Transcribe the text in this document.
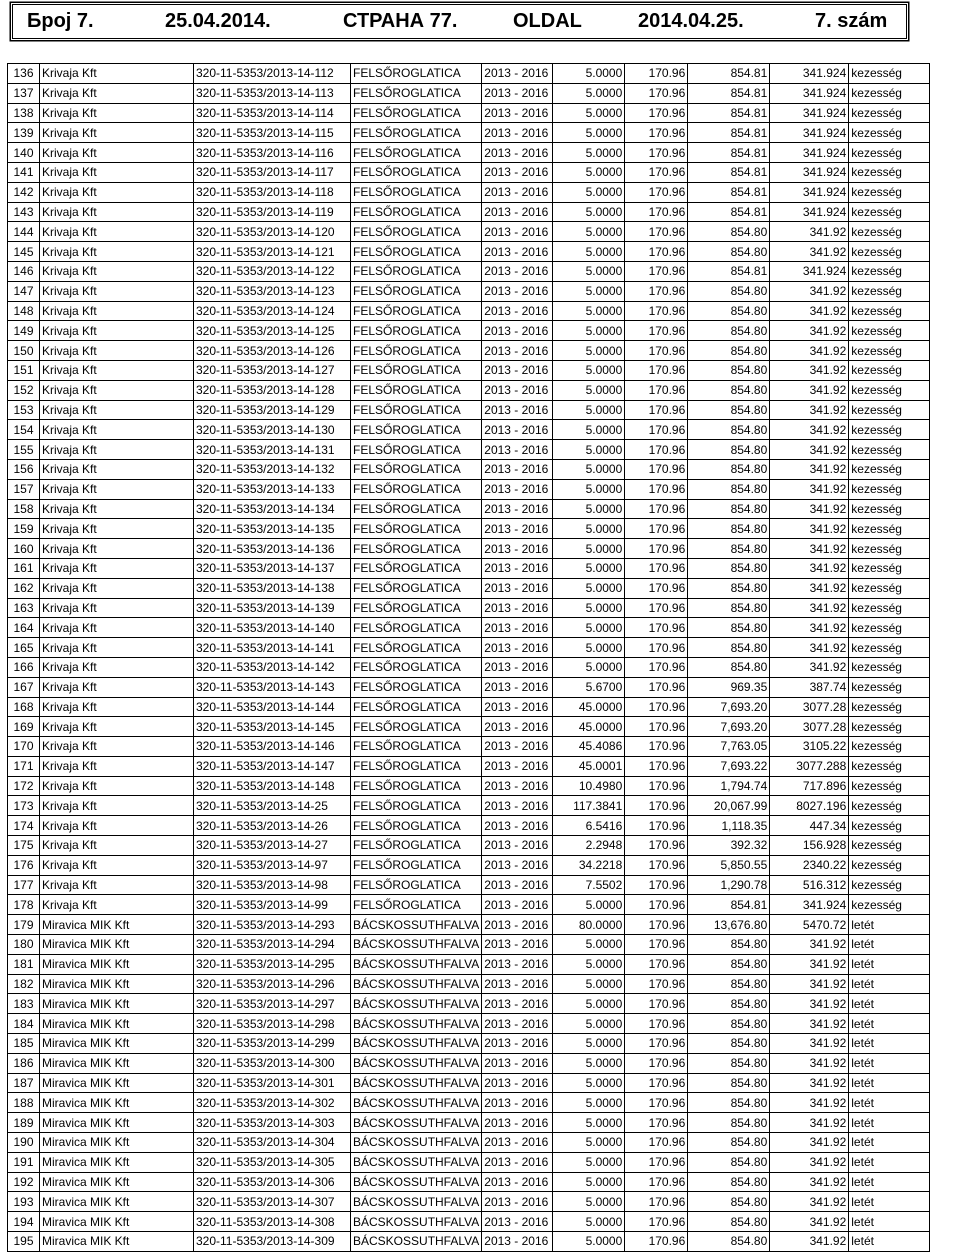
Број 7.	25.04.2014.	СТРАНА 77.	OLDAL	2014.04.25.	7. szám
136	Krivaja Kft	320-11-5353/2013-14-112	FELSŐROGLATICA	2013 - 2016	5.0000	170.96	854.81	341.924	kezesség
137	Krivaja Kft	320-11-5353/2013-14-113	FELSŐROGLATICA	2013 - 2016	5.0000	170.96	854.81	341.924	kezesség
138	Krivaja Kft	320-11-5353/2013-14-114	FELSŐROGLATICA	2013 - 2016	5.0000	170.96	854.81	341.924	kezesség
139	Krivaja Kft	320-11-5353/2013-14-115	FELSŐROGLATICA	2013 - 2016	5.0000	170.96	854.81	341.924	kezesség
140	Krivaja Kft	320-11-5353/2013-14-116	FELSŐROGLATICA	2013 - 2016	5.0000	170.96	854.81	341.924	kezesség
141	Krivaja Kft	320-11-5353/2013-14-117	FELSŐROGLATICA	2013 - 2016	5.0000	170.96	854.81	341.924	kezesség
142	Krivaja Kft	320-11-5353/2013-14-118	FELSŐROGLATICA	2013 - 2016	5.0000	170.96	854.81	341.924	kezesség
143	Krivaja Kft	320-11-5353/2013-14-119	FELSŐROGLATICA	2013 - 2016	5.0000	170.96	854.81	341.924	kezesség
144	Krivaja Kft	320-11-5353/2013-14-120	FELSŐROGLATICA	2013 - 2016	5.0000	170.96	854.80	341.92	kezesség
145	Krivaja Kft	320-11-5353/2013-14-121	FELSŐROGLATICA	2013 - 2016	5.0000	170.96	854.80	341.92	kezesség
146	Krivaja Kft	320-11-5353/2013-14-122	FELSŐROGLATICA	2013 - 2016	5.0000	170.96	854.81	341.924	kezesség
147	Krivaja Kft	320-11-5353/2013-14-123	FELSŐROGLATICA	2013 - 2016	5.0000	170.96	854.80	341.92	kezesség
148	Krivaja Kft	320-11-5353/2013-14-124	FELSŐROGLATICA	2013 - 2016	5.0000	170.96	854.80	341.92	kezesség
149	Krivaja Kft	320-11-5353/2013-14-125	FELSŐROGLATICA	2013 - 2016	5.0000	170.96	854.80	341.92	kezesség
150	Krivaja Kft	320-11-5353/2013-14-126	FELSŐROGLATICA	2013 - 2016	5.0000	170.96	854.80	341.92	kezesség
151	Krivaja Kft	320-11-5353/2013-14-127	FELSŐROGLATICA	2013 - 2016	5.0000	170.96	854.80	341.92	kezesség
152	Krivaja Kft	320-11-5353/2013-14-128	FELSŐROGLATICA	2013 - 2016	5.0000	170.96	854.80	341.92	kezesség
153	Krivaja Kft	320-11-5353/2013-14-129	FELSŐROGLATICA	2013 - 2016	5.0000	170.96	854.80	341.92	kezesség
154	Krivaja Kft	320-11-5353/2013-14-130	FELSŐROGLATICA	2013 - 2016	5.0000	170.96	854.80	341.92	kezesség
155	Krivaja Kft	320-11-5353/2013-14-131	FELSŐROGLATICA	2013 - 2016	5.0000	170.96	854.80	341.92	kezesség
156	Krivaja Kft	320-11-5353/2013-14-132	FELSŐROGLATICA	2013 - 2016	5.0000	170.96	854.80	341.92	kezesség
157	Krivaja Kft	320-11-5353/2013-14-133	FELSŐROGLATICA	2013 - 2016	5.0000	170.96	854.80	341.92	kezesség
158	Krivaja Kft	320-11-5353/2013-14-134	FELSŐROGLATICA	2013 - 2016	5.0000	170.96	854.80	341.92	kezesség
159	Krivaja Kft	320-11-5353/2013-14-135	FELSŐROGLATICA	2013 - 2016	5.0000	170.96	854.80	341.92	kezesség
160	Krivaja Kft	320-11-5353/2013-14-136	FELSŐROGLATICA	2013 - 2016	5.0000	170.96	854.80	341.92	kezesség
161	Krivaja Kft	320-11-5353/2013-14-137	FELSŐROGLATICA	2013 - 2016	5.0000	170.96	854.80	341.92	kezesség
162	Krivaja Kft	320-11-5353/2013-14-138	FELSŐROGLATICA	2013 - 2016	5.0000	170.96	854.80	341.92	kezesség
163	Krivaja Kft	320-11-5353/2013-14-139	FELSŐROGLATICA	2013 - 2016	5.0000	170.96	854.80	341.92	kezesség
164	Krivaja Kft	320-11-5353/2013-14-140	FELSŐROGLATICA	2013 - 2016	5.0000	170.96	854.80	341.92	kezesség
165	Krivaja Kft	320-11-5353/2013-14-141	FELSŐROGLATICA	2013 - 2016	5.0000	170.96	854.80	341.92	kezesség
166	Krivaja Kft	320-11-5353/2013-14-142	FELSŐROGLATICA	2013 - 2016	5.0000	170.96	854.80	341.92	kezesség
167	Krivaja Kft	320-11-5353/2013-14-143	FELSŐROGLATICA	2013 - 2016	5.6700	170.96	969.35	387.74	kezesség
168	Krivaja Kft	320-11-5353/2013-14-144	FELSŐROGLATICA	2013 - 2016	45.0000	170.96	7,693.20	3077.28	kezesség
169	Krivaja Kft	320-11-5353/2013-14-145	FELSŐROGLATICA	2013 - 2016	45.0000	170.96	7,693.20	3077.28	kezesség
170	Krivaja Kft	320-11-5353/2013-14-146	FELSŐROGLATICA	2013 - 2016	45.4086	170.96	7,763.05	3105.22	kezesség
171	Krivaja Kft	320-11-5353/2013-14-147	FELSŐROGLATICA	2013 - 2016	45.0001	170.96	7,693.22	3077.288	kezesség
172	Krivaja Kft	320-11-5353/2013-14-148	FELSŐROGLATICA	2013 - 2016	10.4980	170.96	1,794.74	717.896	kezesség
173	Krivaja Kft	320-11-5353/2013-14-25	FELSŐROGLATICA	2013 - 2016	117.3841	170.96	20,067.99	8027.196	kezesség
174	Krivaja Kft	320-11-5353/2013-14-26	FELSŐROGLATICA	2013 - 2016	6.5416	170.96	1,118.35	447.34	kezesség
175	Krivaja Kft	320-11-5353/2013-14-27	FELSŐROGLATICA	2013 - 2016	2.2948	170.96	392.32	156.928	kezesség
176	Krivaja Kft	320-11-5353/2013-14-97	FELSŐROGLATICA	2013 - 2016	34.2218	170.96	5,850.55	2340.22	kezesség
177	Krivaja Kft	320-11-5353/2013-14-98	FELSŐROGLATICA	2013 - 2016	7.5502	170.96	1,290.78	516.312	kezesség
178	Krivaja Kft	320-11-5353/2013-14-99	FELSŐROGLATICA	2013 - 2016	5.0000	170.96	854.81	341.924	kezesség
179	Miravica MIK Kft	320-11-5353/2013-14-293	BÁCSKOSSUTHFALVA	2013 - 2016	80.0000	170.96	13,676.80	5470.72	letét
180	Miravica MIK Kft	320-11-5353/2013-14-294	BÁCSKOSSUTHFALVA	2013 - 2016	5.0000	170.96	854.80	341.92	letét
181	Miravica MIK Kft	320-11-5353/2013-14-295	BÁCSKOSSUTHFALVA	2013 - 2016	5.0000	170.96	854.80	341.92	letét
182	Miravica MIK Kft	320-11-5353/2013-14-296	BÁCSKOSSUTHFALVA	2013 - 2016	5.0000	170.96	854.80	341.92	letét
183	Miravica MIK Kft	320-11-5353/2013-14-297	BÁCSKOSSUTHFALVA	2013 - 2016	5.0000	170.96	854.80	341.92	letét
184	Miravica MIK Kft	320-11-5353/2013-14-298	BÁCSKOSSUTHFALVA	2013 - 2016	5.0000	170.96	854.80	341.92	letét
185	Miravica MIK Kft	320-11-5353/2013-14-299	BÁCSKOSSUTHFALVA	2013 - 2016	5.0000	170.96	854.80	341.92	letét
186	Miravica MIK Kft	320-11-5353/2013-14-300	BÁCSKOSSUTHFALVA	2013 - 2016	5.0000	170.96	854.80	341.92	letét
187	Miravica MIK Kft	320-11-5353/2013-14-301	BÁCSKOSSUTHFALVA	2013 - 2016	5.0000	170.96	854.80	341.92	letét
188	Miravica MIK Kft	320-11-5353/2013-14-302	BÁCSKOSSUTHFALVA	2013 - 2016	5.0000	170.96	854.80	341.92	letét
189	Miravica MIK Kft	320-11-5353/2013-14-303	BÁCSKOSSUTHFALVA	2013 - 2016	5.0000	170.96	854.80	341.92	letét
190	Miravica MIK Kft	320-11-5353/2013-14-304	BÁCSKOSSUTHFALVA	2013 - 2016	5.0000	170.96	854.80	341.92	letét
191	Miravica MIK Kft	320-11-5353/2013-14-305	BÁCSKOSSUTHFALVA	2013 - 2016	5.0000	170.96	854.80	341.92	letét
192	Miravica MIK Kft	320-11-5353/2013-14-306	BÁCSKOSSUTHFALVA	2013 - 2016	5.0000	170.96	854.80	341.92	letét
193	Miravica MIK Kft	320-11-5353/2013-14-307	BÁCSKOSSUTHFALVA	2013 - 2016	5.0000	170.96	854.80	341.92	letét
194	Miravica MIK Kft	320-11-5353/2013-14-308	BÁCSKOSSUTHFALVA	2013 - 2016	5.0000	170.96	854.80	341.92	letét
195	Miravica MIK Kft	320-11-5353/2013-14-309	BÁCSKOSSUTHFALVA	2013 - 2016	5.0000	170.96	854.80	341.92	letét
